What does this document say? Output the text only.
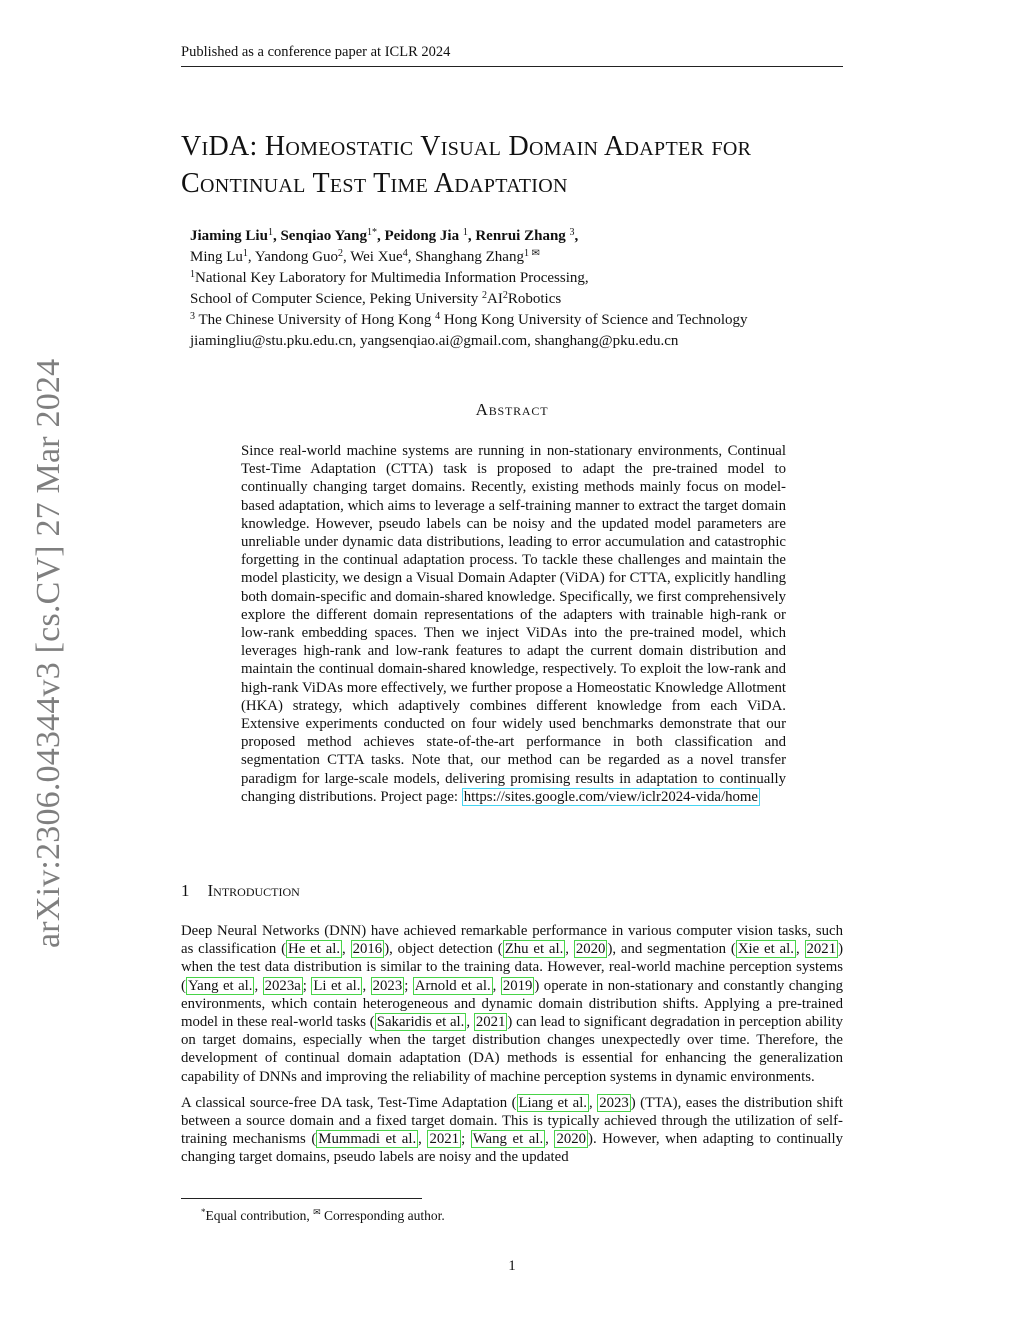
Published as a conference paper at ICLR 2024
arXiv:2306.04344v3 [cs.CV] 27 Mar 2024
ViDA: Homeostatic Visual Domain Adapter for
Continual Test Time Adaptation
Jiaming Liu$^1$, Senqiao Yang$^{1*}$, Peidong Jia $^1$, Renrui Zhang $^3$,
Ming Lu$^1$, Yandong Guo$^2$, Wei Xue$^4$, Shanghang Zhang$^{1 ✉}$
$^1$National Key Laboratory for Multimedia Information Processing,
School of Computer Science, Peking University $^2AI^2Robotics$
$^3$ The Chinese University of Hong Kong $^4$ Hong Kong University of Science and Technology
jiamingliu@stu.pku.edu.cn, yangsenqiao.ai@gmail.com, shanghang@pku.edu.cn
Abstract
Since real-world machine systems are running in non-stationary environments, Continual Test-Time Adaptation (CTTA) task is proposed to adapt the pre-trained model to continually changing target domains. Recently, existing methods mainly focus on model-based adaptation, which aims to leverage a self-training manner to extract the target domain knowledge. However, pseudo labels can be noisy and the updated model parameters are unreliable under dynamic data distributions, leading to error accumulation and catastrophic forgetting in the continual adaptation process. To tackle these challenges and maintain the model plasticity, we design a Visual Domain Adapter (ViDA) for CTTA, explicitly handling both domain-specific and domain-shared knowledge. Specifically, we first comprehensively explore the different domain representations of the adapters with trainable high-rank or low-rank embedding spaces. Then we inject ViDAs into the pre-trained model, which leverages high-rank and low-rank features to adapt the current domain distribution and maintain the continual domain-shared knowledge, respectively. To exploit the low-rank and high-rank ViDAs more effectively, we further propose a Homeostatic Knowledge Allotment (HKA) strategy, which adaptively combines different knowledge from each ViDA. Extensive experiments conducted on four widely used benchmarks demonstrate that our proposed method achieves state-of-the-art performance in both classification and segmentation CTTA tasks. Note that, our method can be regarded as a novel transfer paradigm for large-scale models, delivering promising results in adaptation to continually changing distributions. Project page: https://sites.google.com/view/iclr2024-vida/home
1 Introduction

Deep Neural Networks (DNN) have achieved remarkable performance in various computer vision tasks, such as classification ( He et al. , 2016 ), object detection ( Zhu et al. , 2020 ), and segmentation ( Xie et al. , 2021 ) when the test data distribution is similar to the training data. However, real-world machine perception systems ( Yang et al. , 2023a ; Li et al. , 2023 ; Arnold et al. , 2019 ) operate in non-stationary and constantly changing environments, which contain heterogeneous and dynamic domain distribution shifts. Applying a pre-trained model in these real-world tasks ( Sakaridis et al. , 2021 ) can lead to significant degradation in perception ability on target domains, especially when the target distribution changes unexpectedly over time. Therefore, the development of continual domain adaptation (DA) methods is essential for enhancing the generalization capability of DNNs and improving the reliability of machine perception systems in dynamic environments.

A classical source-free DA task, Test-Time Adaptation ( Liang et al. , 2023 ) (TTA), eases the distribution shift between a source domain and a fixed target domain. This is typically achieved through the utilization of self-training mechanisms ( Mummadi et al. , 2021 ; Wang et al. , 2020 ). However, when adapting to continually changing target domains, pseudo labels are noisy and the updated

*Equal contribution, ✉ Corresponding author.
1
